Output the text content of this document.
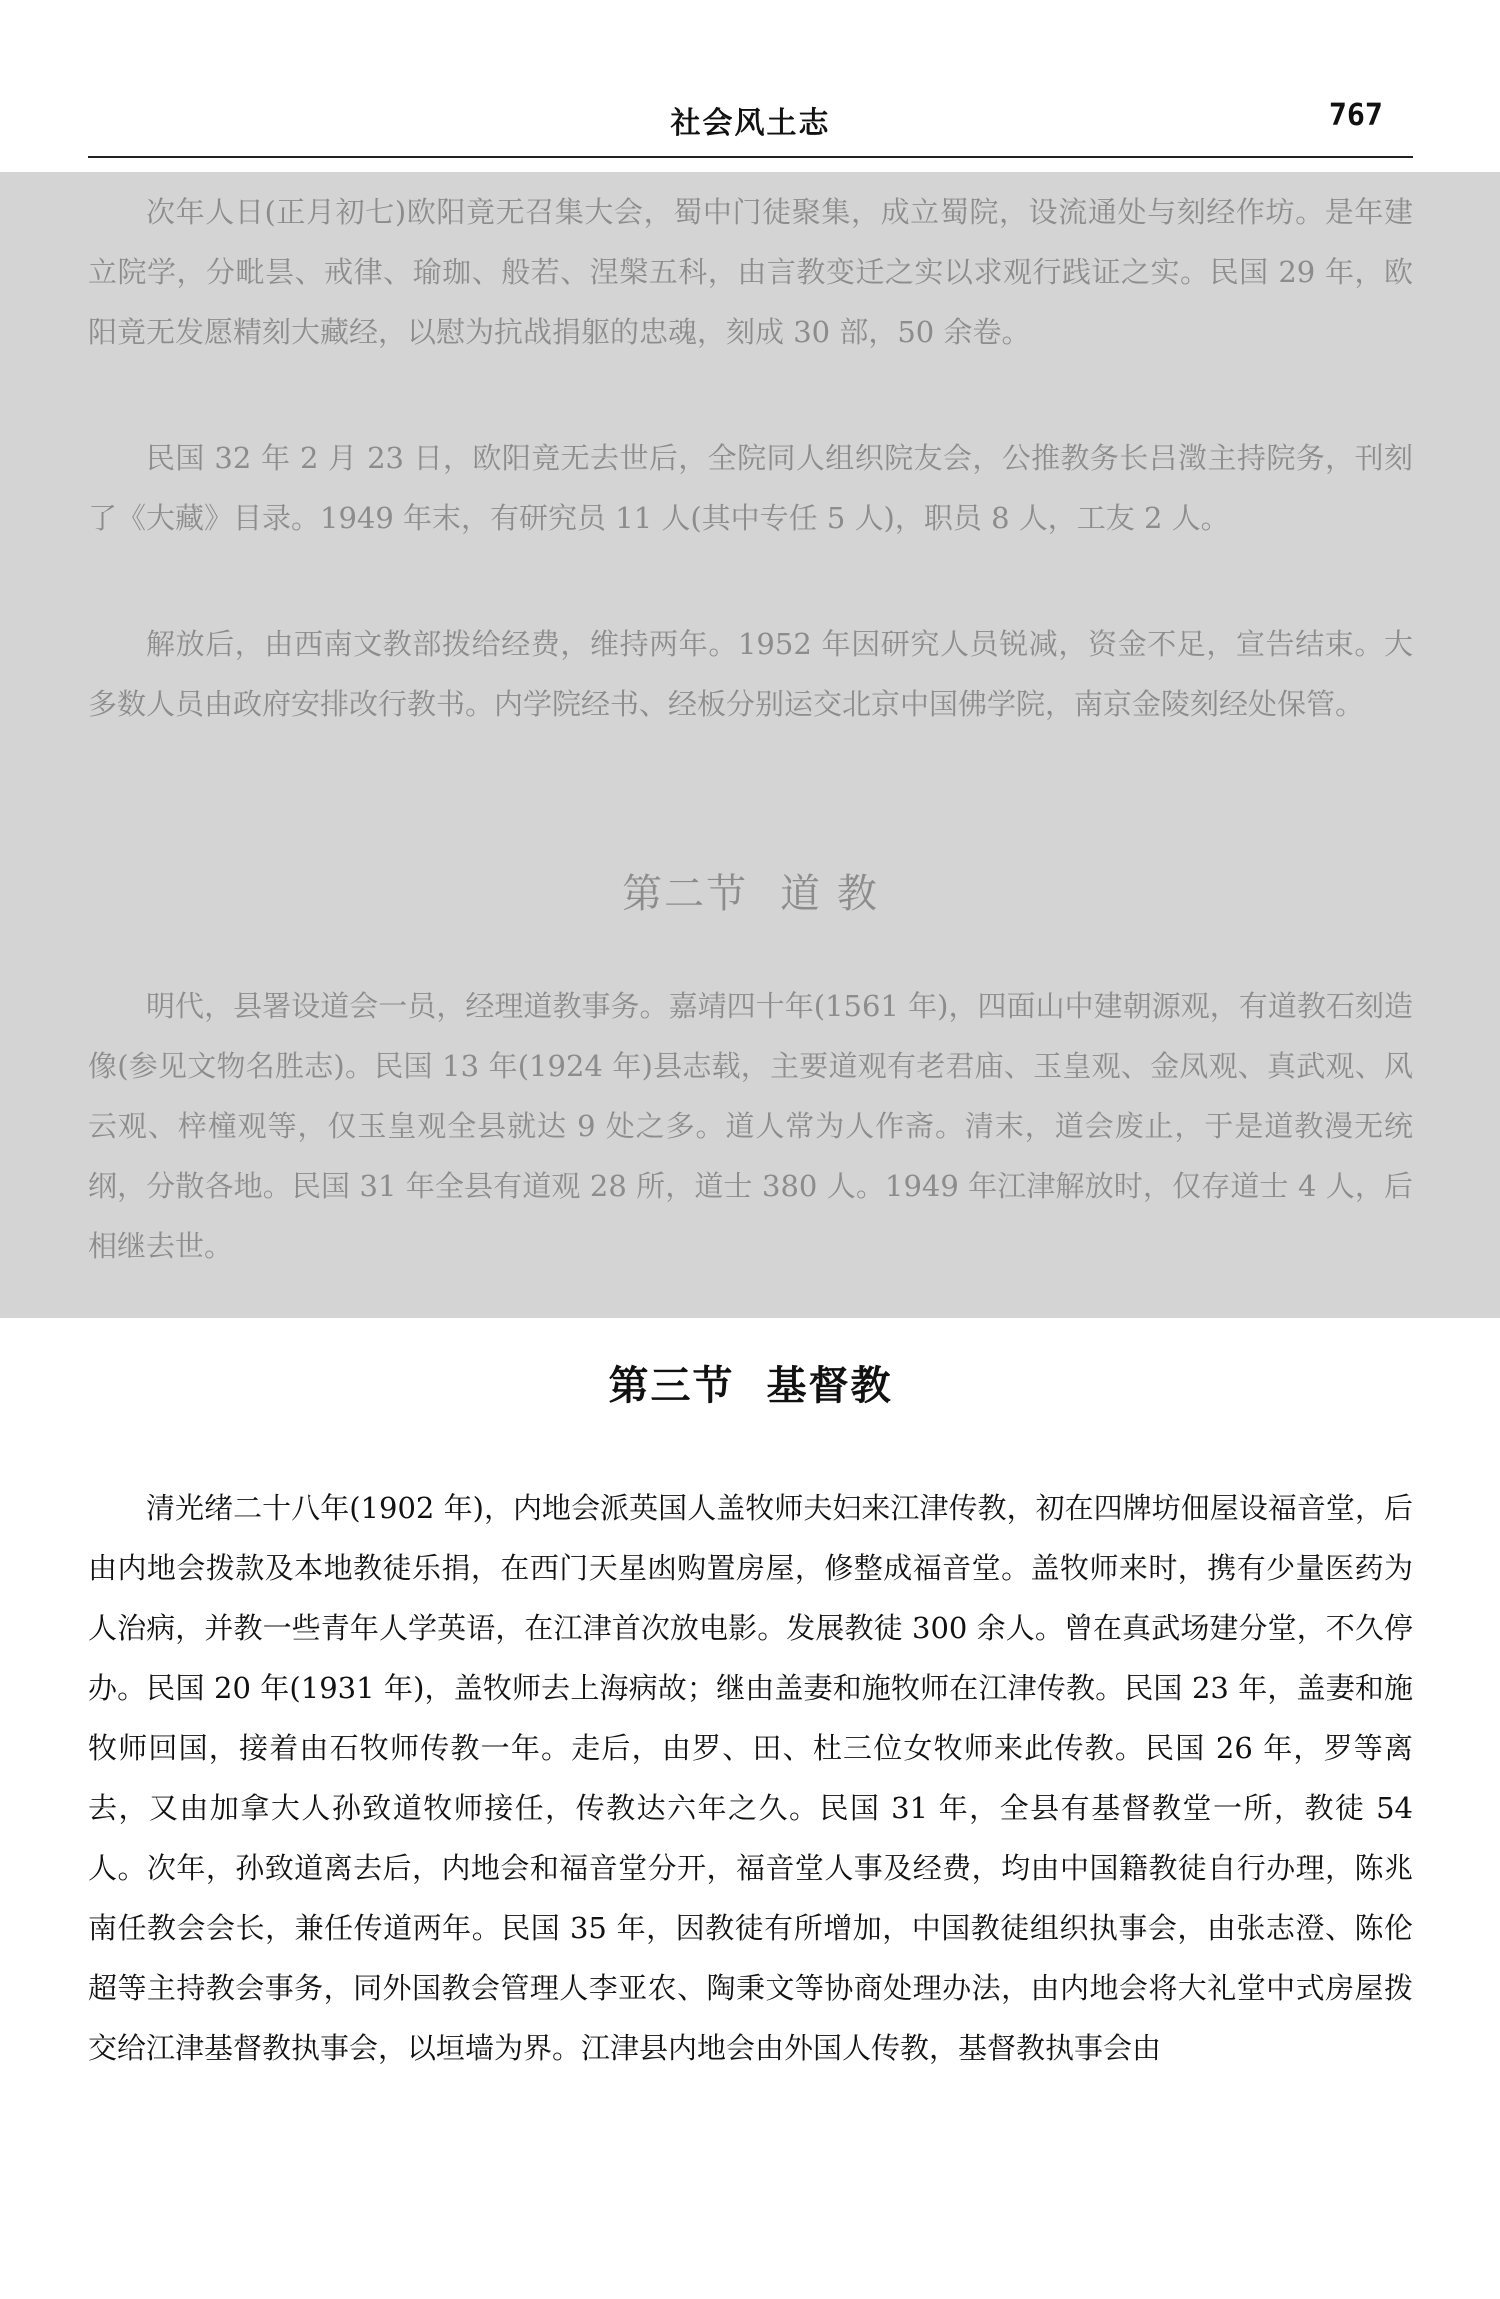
社会风土志	767

次年人日(正月初七)欧阳竟无召集大会，蜀中门徒聚集，成立蜀院，设流通处与刻经作坊。是年建立院学，分毗昙、戒律、瑜珈、般若、涅槃五科，由言教变迁之实以求观行践证之实。民国 29 年，欧阳竟无发愿精刻大藏经，以慰为抗战捐躯的忠魂，刻成 30 部，50 余卷。

民国 32 年 2 月 23 日，欧阳竟无去世后，全院同人组织院友会，公推教务长吕澂主持院务，刊刻了《大藏》目录。1949 年末，有研究员 11 人(其中专任 5 人)，职员 8 人，工友 2 人。

解放后，由西南文教部拨给经费，维持两年。1952 年因研究人员锐减，资金不足，宣告结束。大多数人员由政府安排改行教书。内学院经书、经板分别运交北京中国佛学院，南京金陵刻经处保管。

第二节 道 教

明代，县署设道会一员，经理道教事务。嘉靖四十年(1561 年)，四面山中建朝源观，有道教石刻造像(参见文物名胜志)。民国 13 年(1924 年)县志载，主要道观有老君庙、玉皇观、金凤观、真武观、风云观、梓橦观等，仅玉皇观全县就达 9 处之多。道人常为人作斋。清末，道会废止，于是道教漫无统纲，分散各地。民国 31 年全县有道观 28 所，道士 380 人。1949 年江津解放时，仅存道士 4 人，后相继去世。

第三节 基督教

清光绪二十八年(1902 年)，内地会派英国人盖牧师夫妇来江津传教，初在四牌坊佃屋设福音堂，后由内地会拨款及本地教徒乐捐，在西门天星凼购置房屋，修整成福音堂。盖牧师来时，携有少量医药为人治病，并教一些青年人学英语，在江津首次放电影。发展教徒 300 余人。曾在真武场建分堂，不久停办。民国 20 年(1931 年)，盖牧师去上海病故；继由盖妻和施牧师在江津传教。民国 23 年，盖妻和施牧师回国，接着由石牧师传教一年。走后，由罗、田、杜三位女牧师来此传教。民国 26 年，罗等离去，又由加拿大人孙致道牧师接任，传教达六年之久。民国 31 年，全县有基督教堂一所，教徒 54 人。次年，孙致道离去后，内地会和福音堂分开，福音堂人事及经费，均由中国籍教徒自行办理，陈兆南任教会会长，兼任传道两年。民国 35 年，因教徒有所增加，中国教徒组织执事会，由张志澄、陈伦超等主持教会事务，同外国教会管理人李亚农、陶秉文等协商处理办法，由内地会将大礼堂中式房屋拨交给江津基督教执事会，以垣墙为界。江津县内地会由外国人传教，基督教执事会由
